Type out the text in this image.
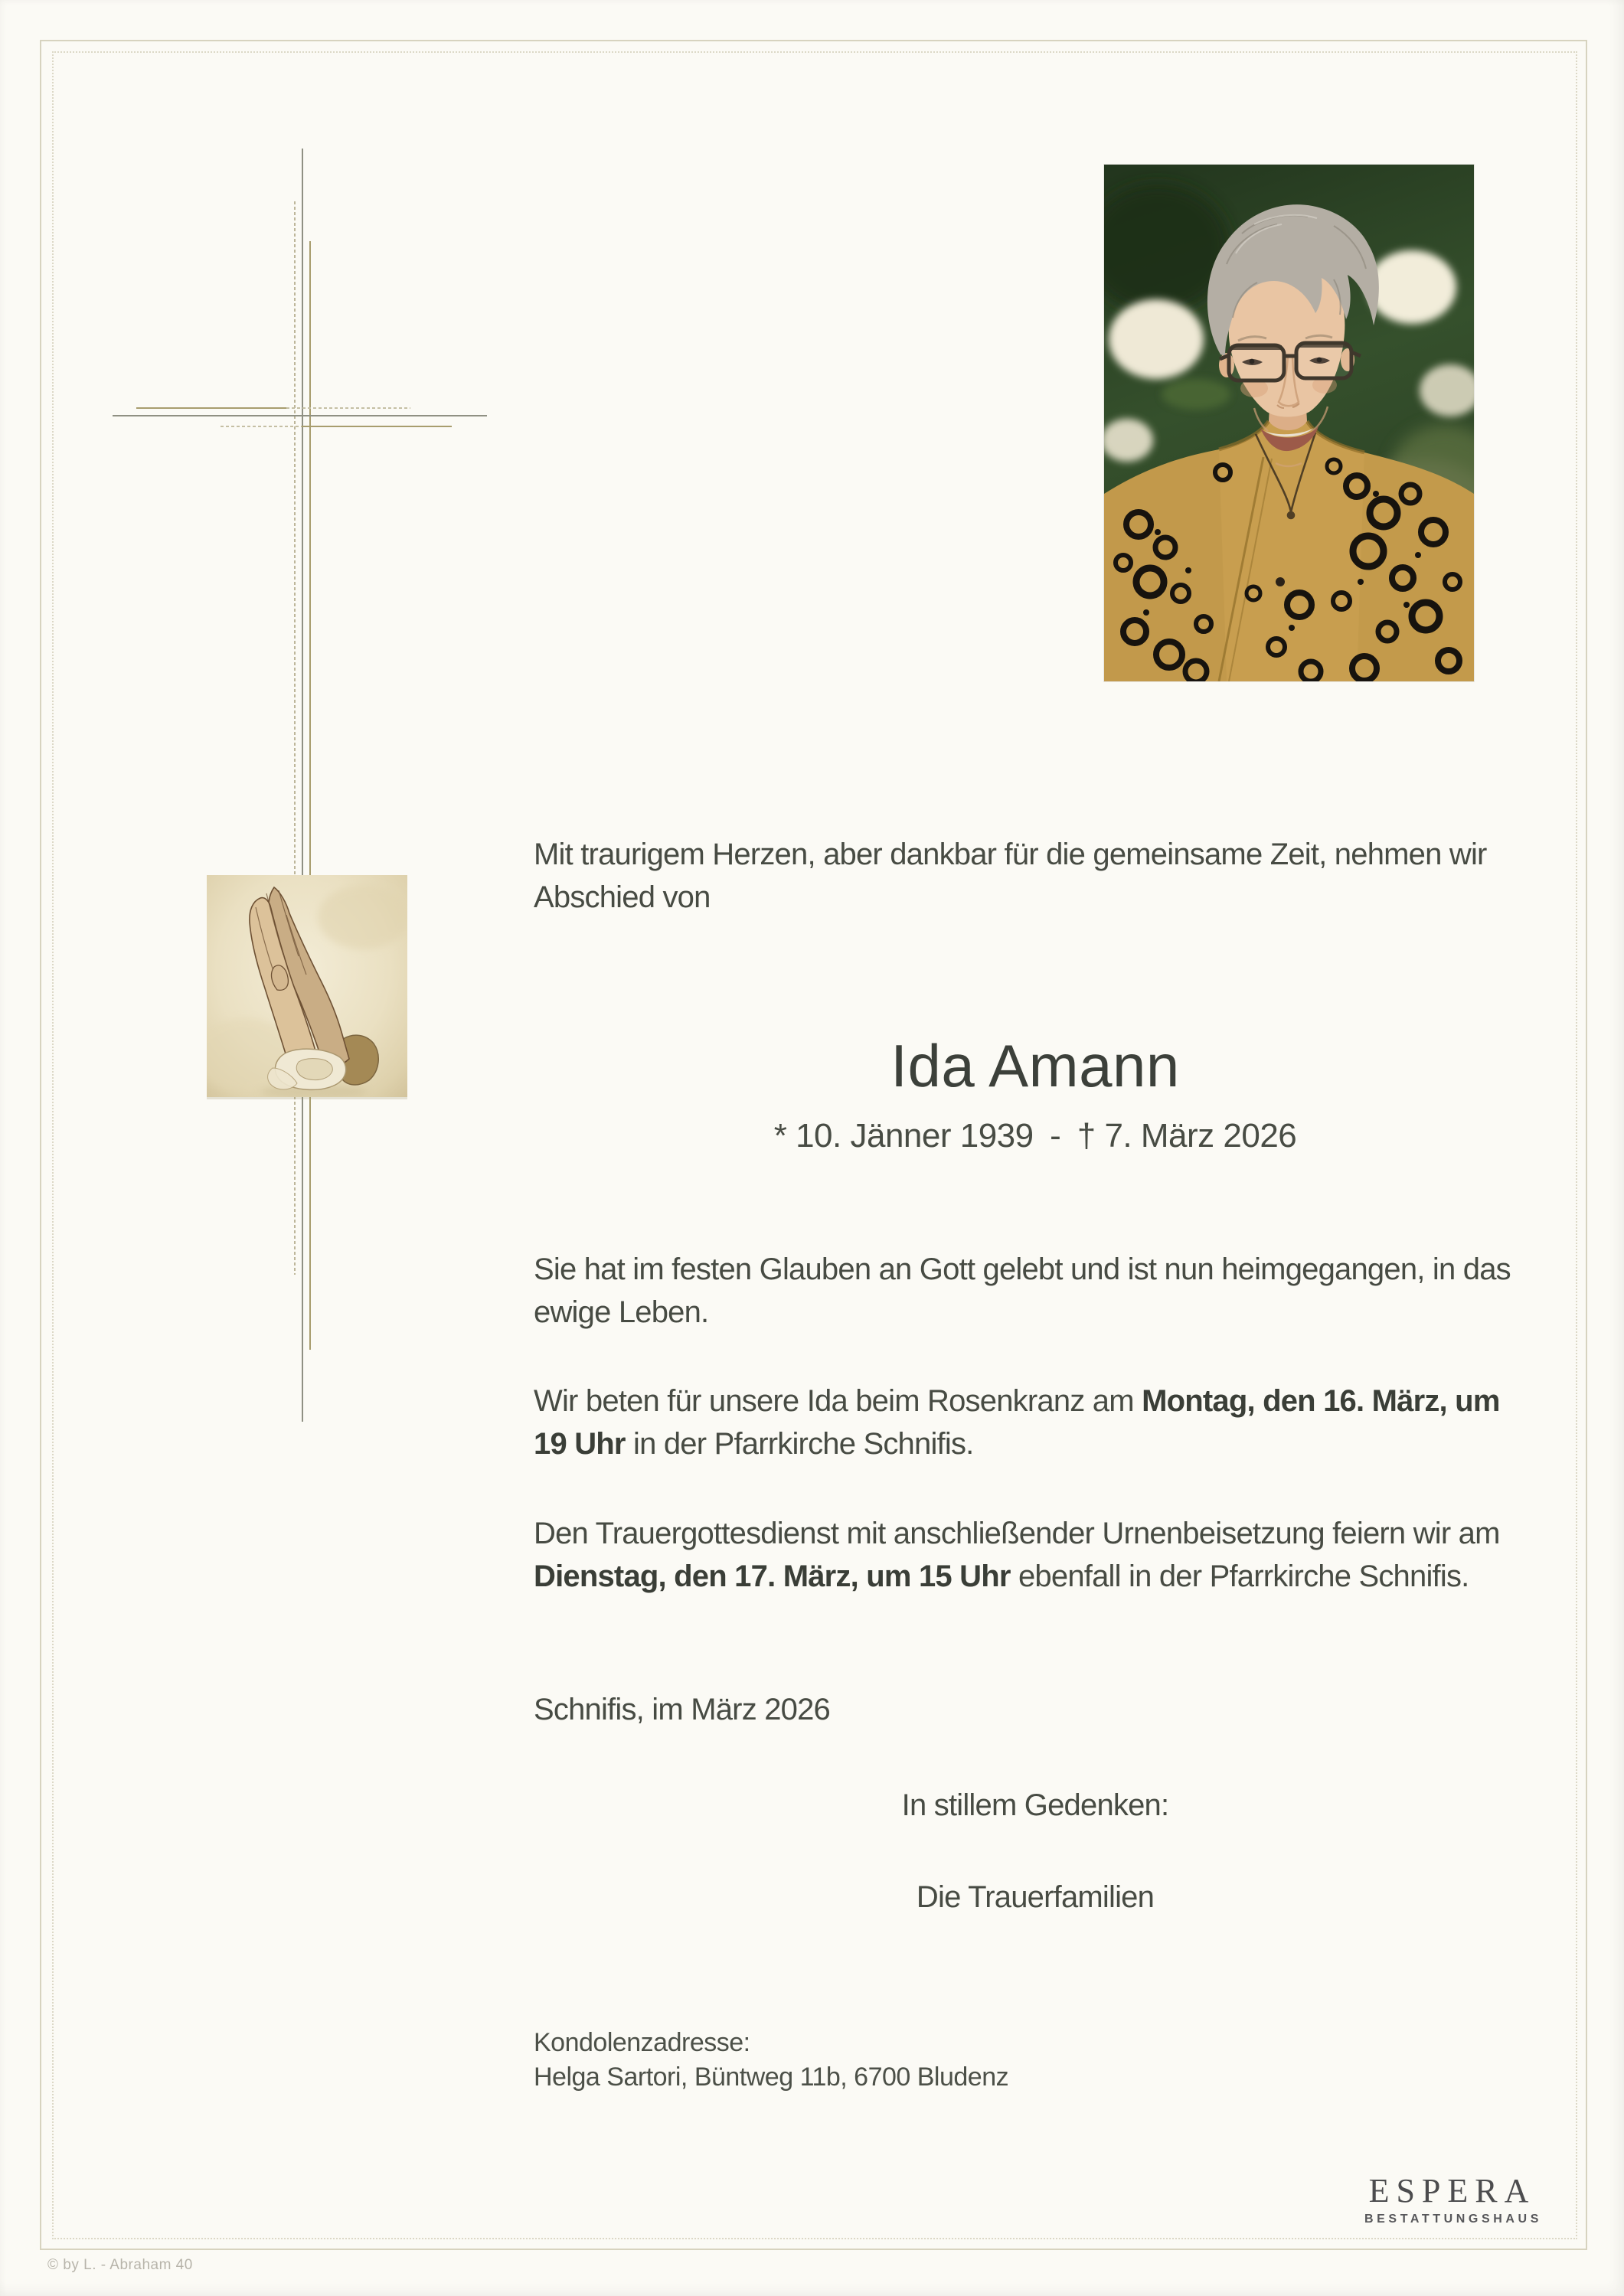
Mit traurigem Herzen, aber dankbar für die gemeinsame Zeit, nehmen wir Abschied von
Ida Amann
* 10. Jänner 1939 - † 7. März 2026
Sie hat im festen Glauben an Gott gelebt und ist nun heimgegangen, in das ewige Leben.
Wir beten für unsere Ida beim Rosenkranz am Montag, den 16. März, um 19 Uhr in der Pfarrkirche Schnifis.
Den Trauergottesdienst mit anschließender Urnenbeisetzung feiern wir am Dienstag, den 17. März, um 15 Uhr ebenfall in der Pfarrkirche Schnifis.
Schnifis, im März 2026
In stillem Gedenken:
Die Trauerfamilien
Kondolenzadresse:
Helga Sartori, Büntweg 11b, 6700 Bludenz
© by L. - Abraham 40
ESPERA
BESTATTUNGSHAUS
